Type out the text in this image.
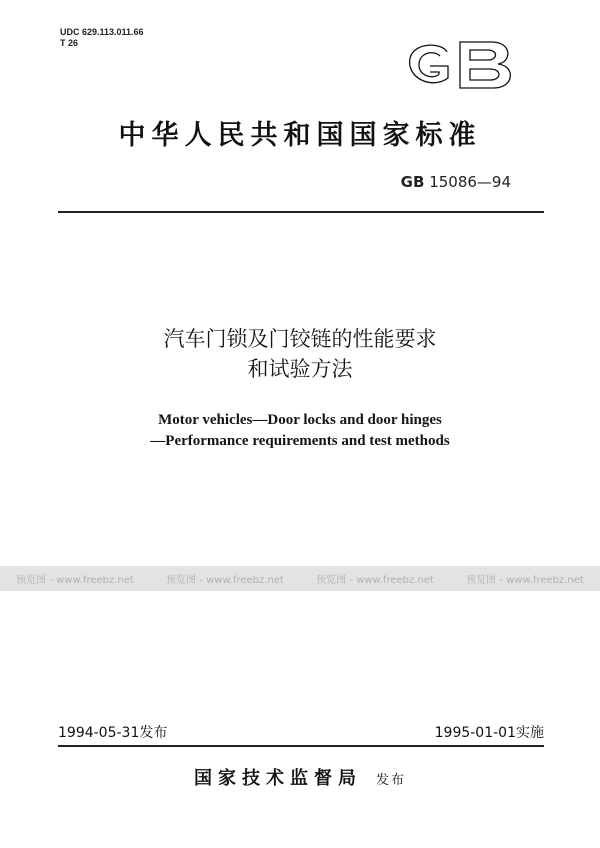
UDC 629.113.011.66
T 26
GB
中华人民共和国国家标准
GB 15086—94
汽车门锁及门铰链的性能要求
和试验方法
Motor vehicles—Door locks and door hinges
—Performance requirements and test methods
预览图 - www.freebz.net	预览图 - www.freebz.net	预览图 - www.freebz.net	预览图 - www.freebz.net
1994-05-31发布	1995-01-01实施
国家技术监督局 发布
